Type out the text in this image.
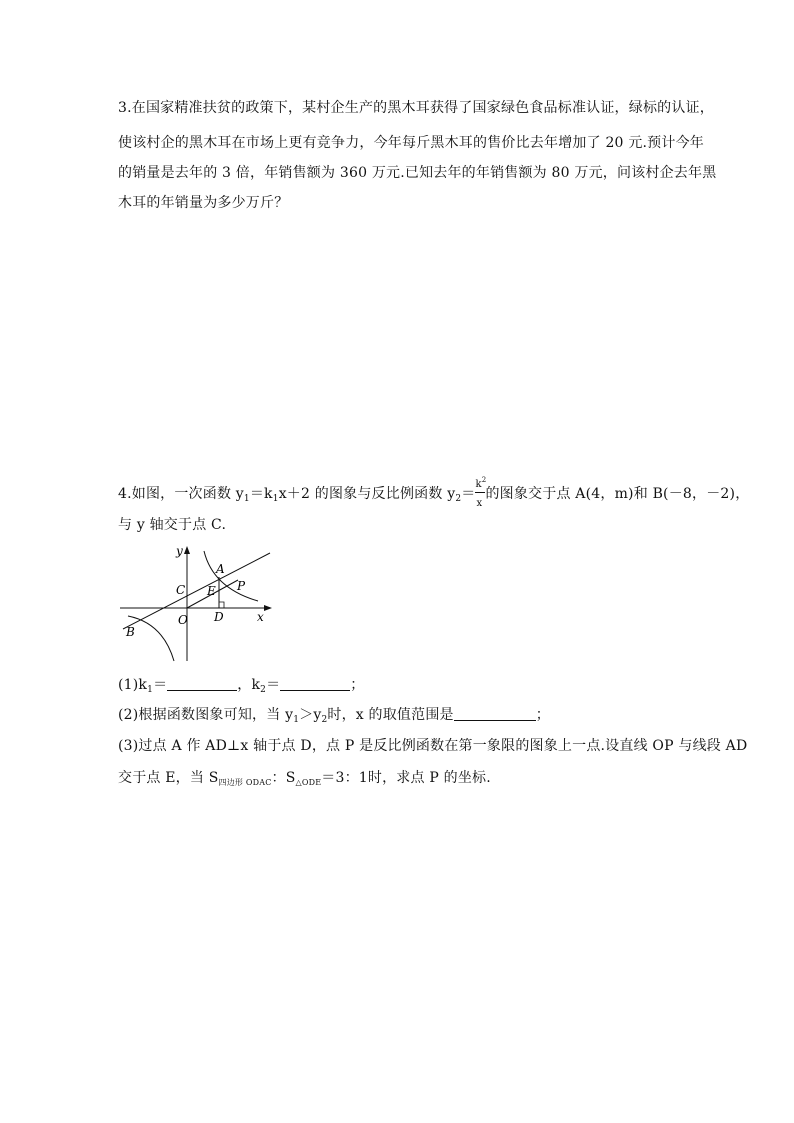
3.在国家精准扶贫的政策下，某村企生产的黑木耳获得了国家绿色食品标准认证，绿标的认证，
使该村企的黑木耳在市场上更有竞争力，今年每斤黑木耳的售价比去年增加了 20 元.预计今年
的销量是去年的 3 倍，年销售额为 360 万元.已知去年的年销售额为 80 万元，问该村企去年黑
木耳的年销量为多少万斤？
4.如图，一次函数 $y_1=k_1x+2$ 的图象与反比例函数 $y_2= \frac{k^2}{x}$ 的图象交于点 A(4，m)和 B(－8，－2)，
与 y 轴交于点 C.
y
x
A
B
C
D
E
O
P
$(1)k_1=$	，$k_2=$	；
(2)根据函数图象可知，当 $y_1>y_2$时，x 的取值范围是	；
(3)过点 A 作 AD⊥x 轴于点 D，点 P 是反比例函数在第一象限的图象上一点.设直线 OP 与线段 AD
交于点 E，当 $S_{四边形 ODAC}$：$S_{\triangle ODE}=3$：1时，求点 P 的坐标.
